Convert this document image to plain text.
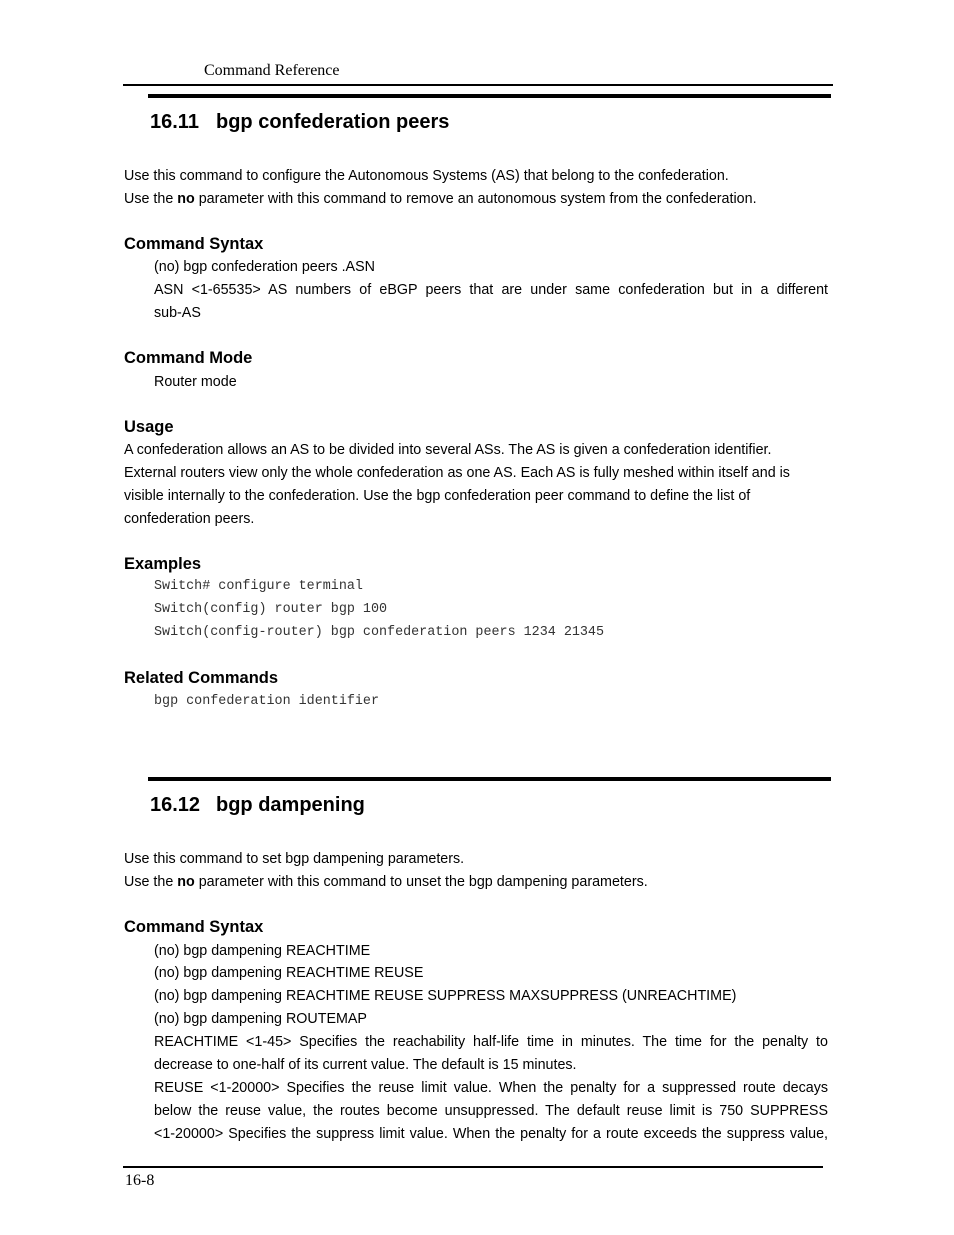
Command Reference
16.11 bgp confederation peers
Use this command to configure the Autonomous Systems (AS) that belong to the confederation.
Use the no parameter with this command to remove an autonomous system from the confederation.
Command Syntax
(no) bgp confederation peers .ASN
ASN <1-65535> AS numbers of eBGP peers that are under same confederation but in a different
sub-AS
Command Mode
Router mode
Usage
A confederation allows an AS to be divided into several ASs. The AS is given a confederation identifier.
External routers view only the whole confederation as one AS. Each AS is fully meshed within itself and is
visible internally to the confederation. Use the bgp confederation peer command to define the list of
confederation peers.
Examples
Switch# configure terminal
Switch(config) router bgp 100
Switch(config-router) bgp confederation peers 1234 21345
Related Commands
bgp confederation identifier
16.12 bgp dampening
Use this command to set bgp dampening parameters.
Use the no parameter with this command to unset the bgp dampening parameters.
Command Syntax
(no) bgp dampening REACHTIME
(no) bgp dampening REACHTIME REUSE
(no) bgp dampening REACHTIME REUSE SUPPRESS MAXSUPPRESS (UNREACHTIME)
(no) bgp dampening ROUTEMAP
REACHTIME <1-45> Specifies the reachability half-life time in minutes. The time for the penalty to
decrease to one-half of its current value. The default is 15 minutes.
REUSE <1-20000> Specifies the reuse limit value. When the penalty for a suppressed route decays
below the reuse value, the routes become unsuppressed. The default reuse limit is 750 SUPPRESS
<1-20000> Specifies the suppress limit value. When the penalty for a route exceeds the suppress value,
16-8
